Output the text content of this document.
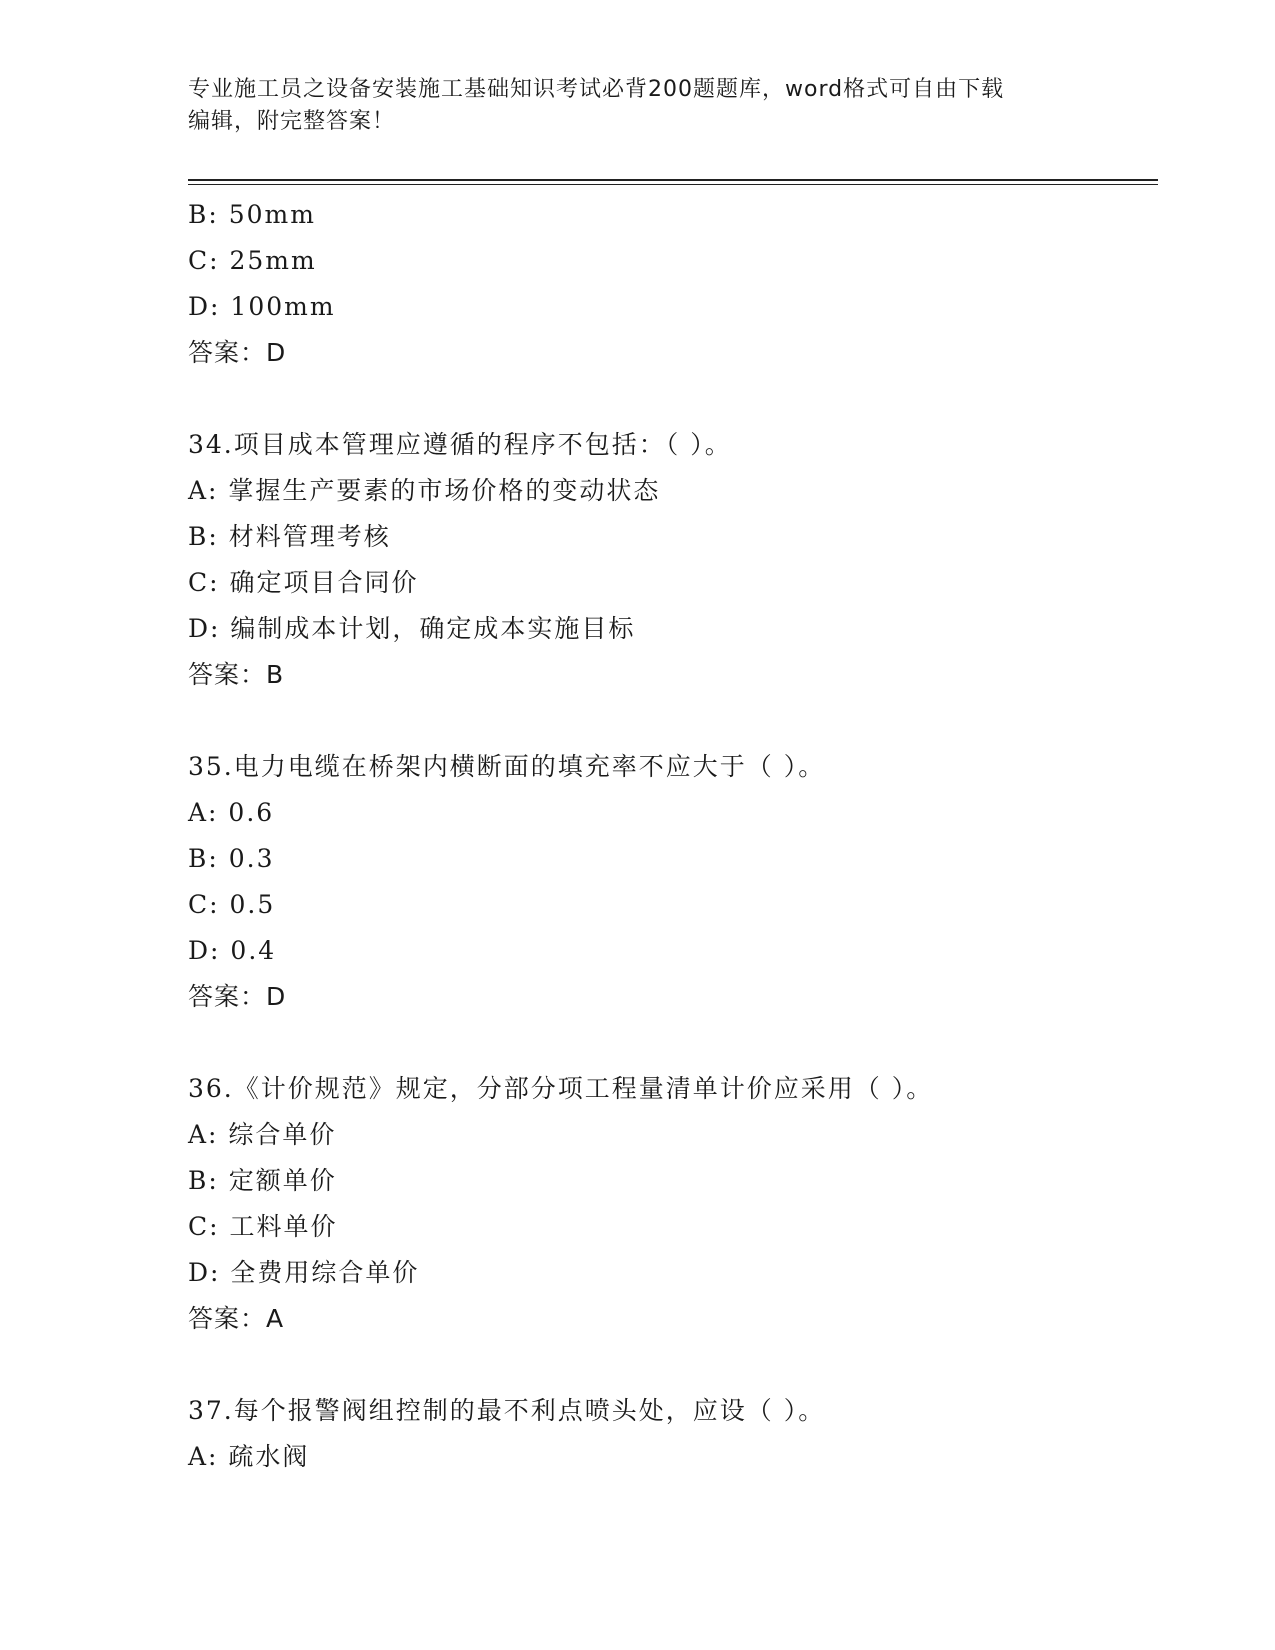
专业施工员之设备安装施工基础知识考试必背200题题库，word格式可自由下载
编辑，附完整答案！
B: 50mm
C: 25mm
D: 100mm
答案：D
34.项目成本管理应遵循的程序不包括：（ ）。
A: 掌握生产要素的市场价格的变动状态
B: 材料管理考核
C: 确定项目合同价
D: 编制成本计划，确定成本实施目标
答案：B
35.电力电缆在桥架内横断面的填充率不应大于（ ）。
A: 0.6
B: 0.3
C: 0.5
D: 0.4
答案：D
36.《计价规范》规定，分部分项工程量清单计价应采用（ ）。
A: 综合单价
B: 定额单价
C: 工料单价
D: 全费用综合单价
答案：A
37.每个报警阀组控制的最不利点喷头处，应设（ ）。
A: 疏水阀
